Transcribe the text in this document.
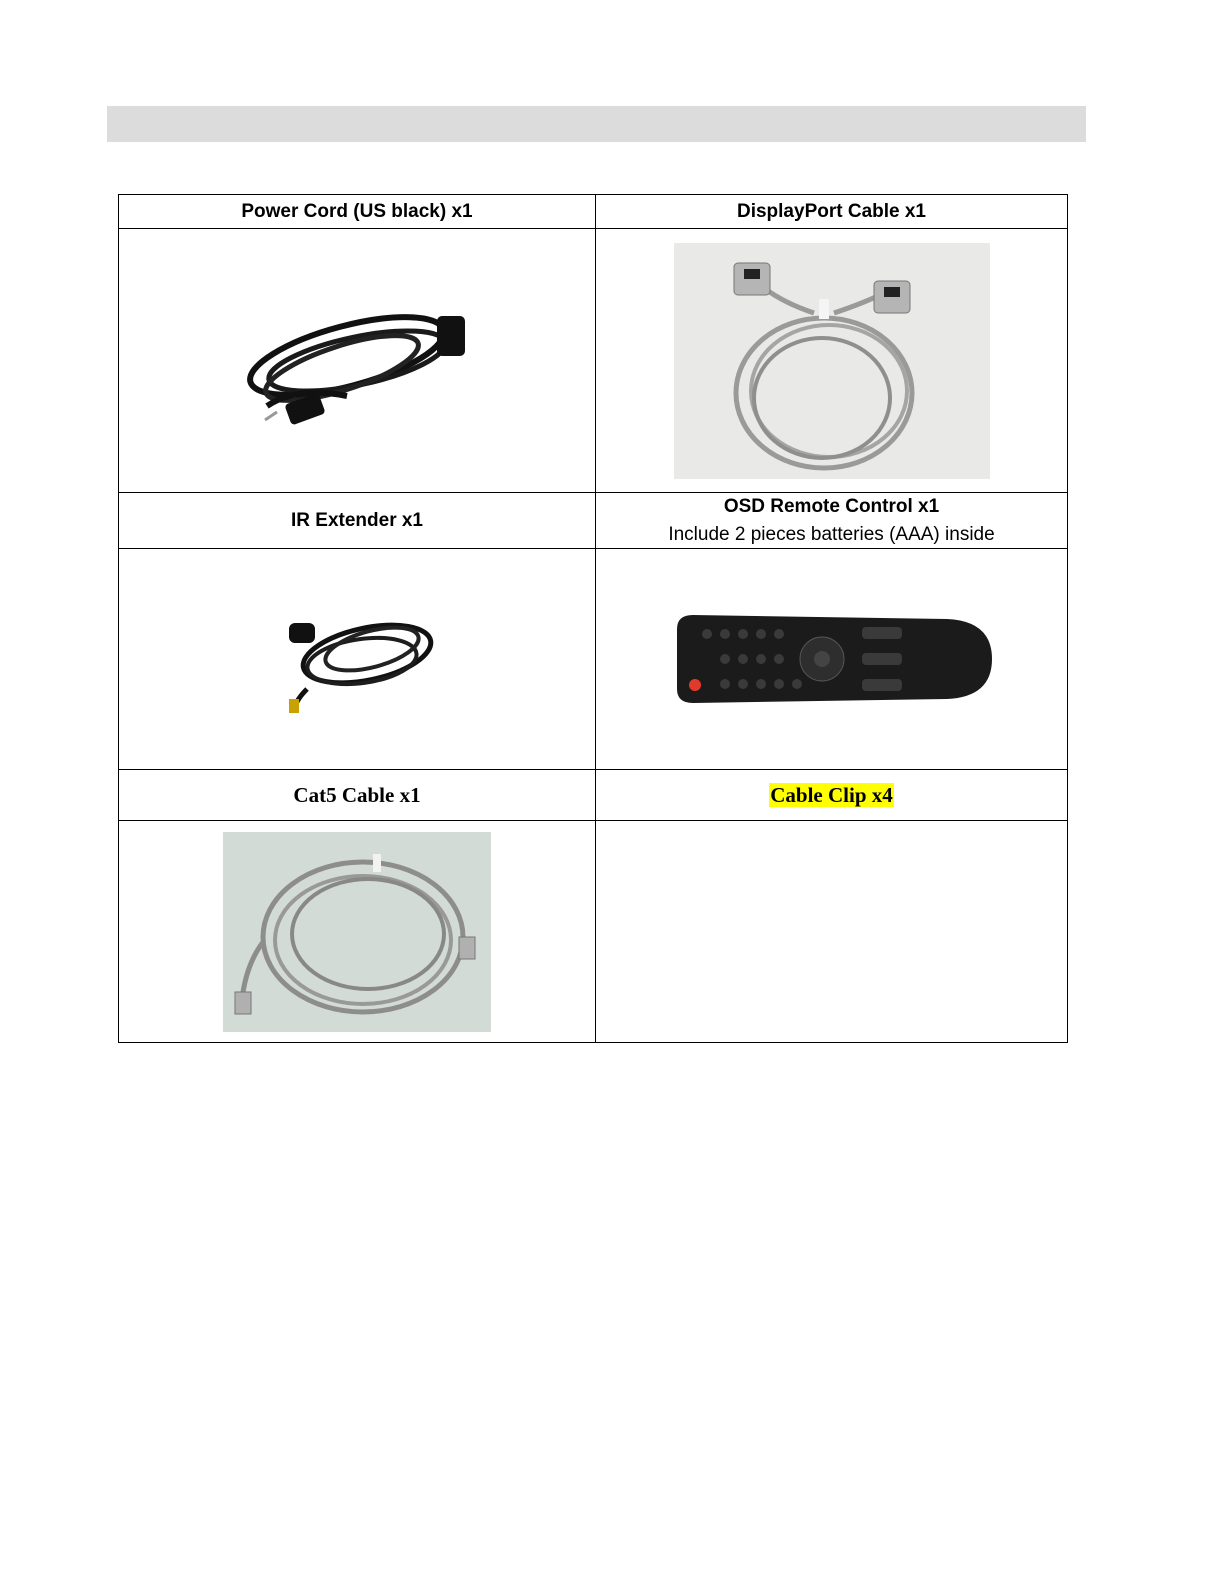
Power Cord (US black) x1	DisplayPort Cable x1

IR Extender x1	OSD Remote Control x1
Include 2 pieces batteries (AAA) inside

Cat5 Cable x1	Cable Clip x4
